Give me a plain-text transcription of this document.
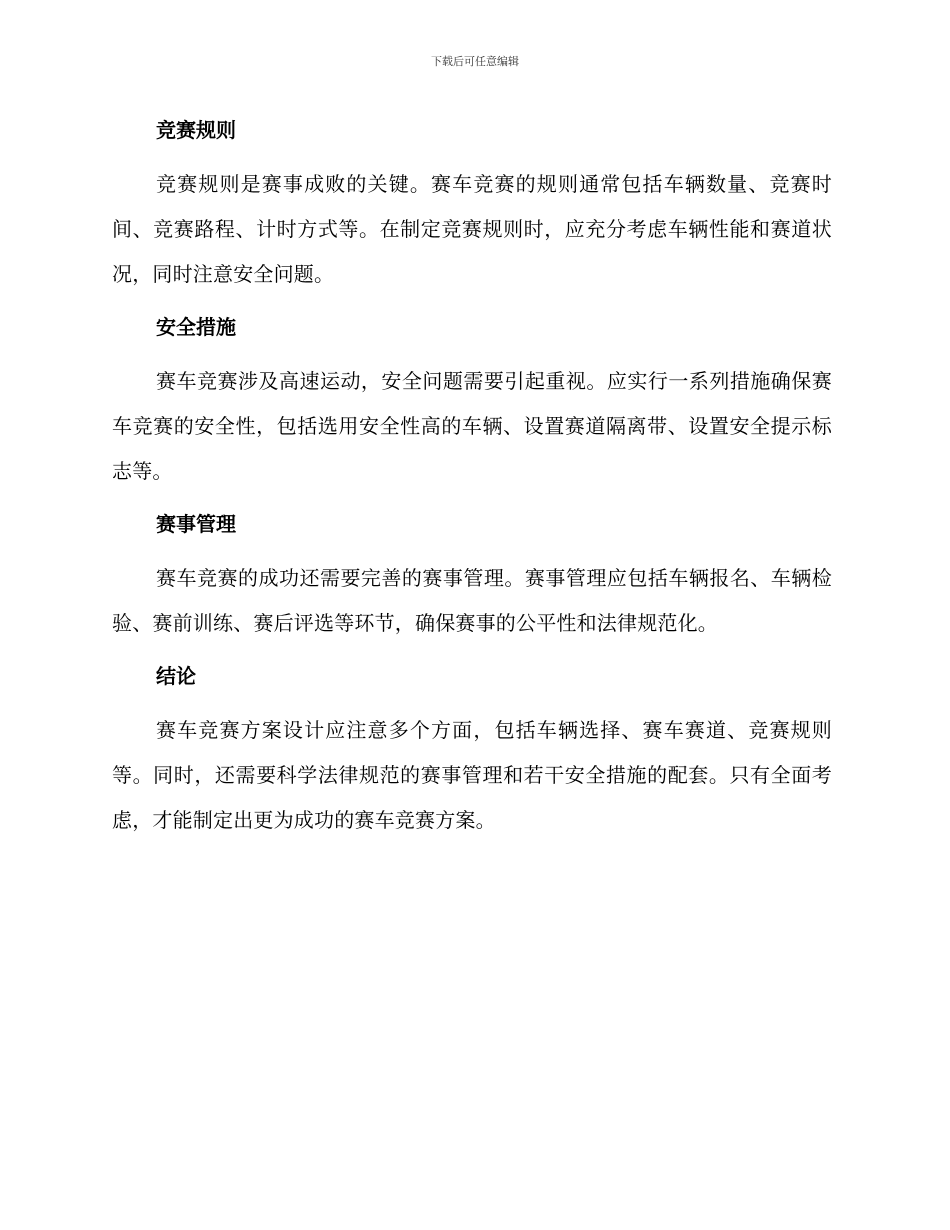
下载后可任意编辑
竞赛规则
竞赛规则是赛事成败的关键。赛车竞赛的规则通常包括车辆数量、竞赛时间、竞赛路程、计时方式等。在制定竞赛规则时，应充分考虑车辆性能和赛道状况，同时注意安全问题。
安全措施
赛车竞赛涉及高速运动，安全问题需要引起重视。应实行一系列措施确保赛车竞赛的安全性，包括选用安全性高的车辆、设置赛道隔离带、设置安全提示标志等。
赛事管理
赛车竞赛的成功还需要完善的赛事管理。赛事管理应包括车辆报名、车辆检验、赛前训练、赛后评选等环节，确保赛事的公平性和法律规范化。
结论
赛车竞赛方案设计应注意多个方面，包括车辆选择、赛车赛道、竞赛规则等。同时，还需要科学法律规范的赛事管理和若干安全措施的配套。只有全面考虑，才能制定出更为成功的赛车竞赛方案。
